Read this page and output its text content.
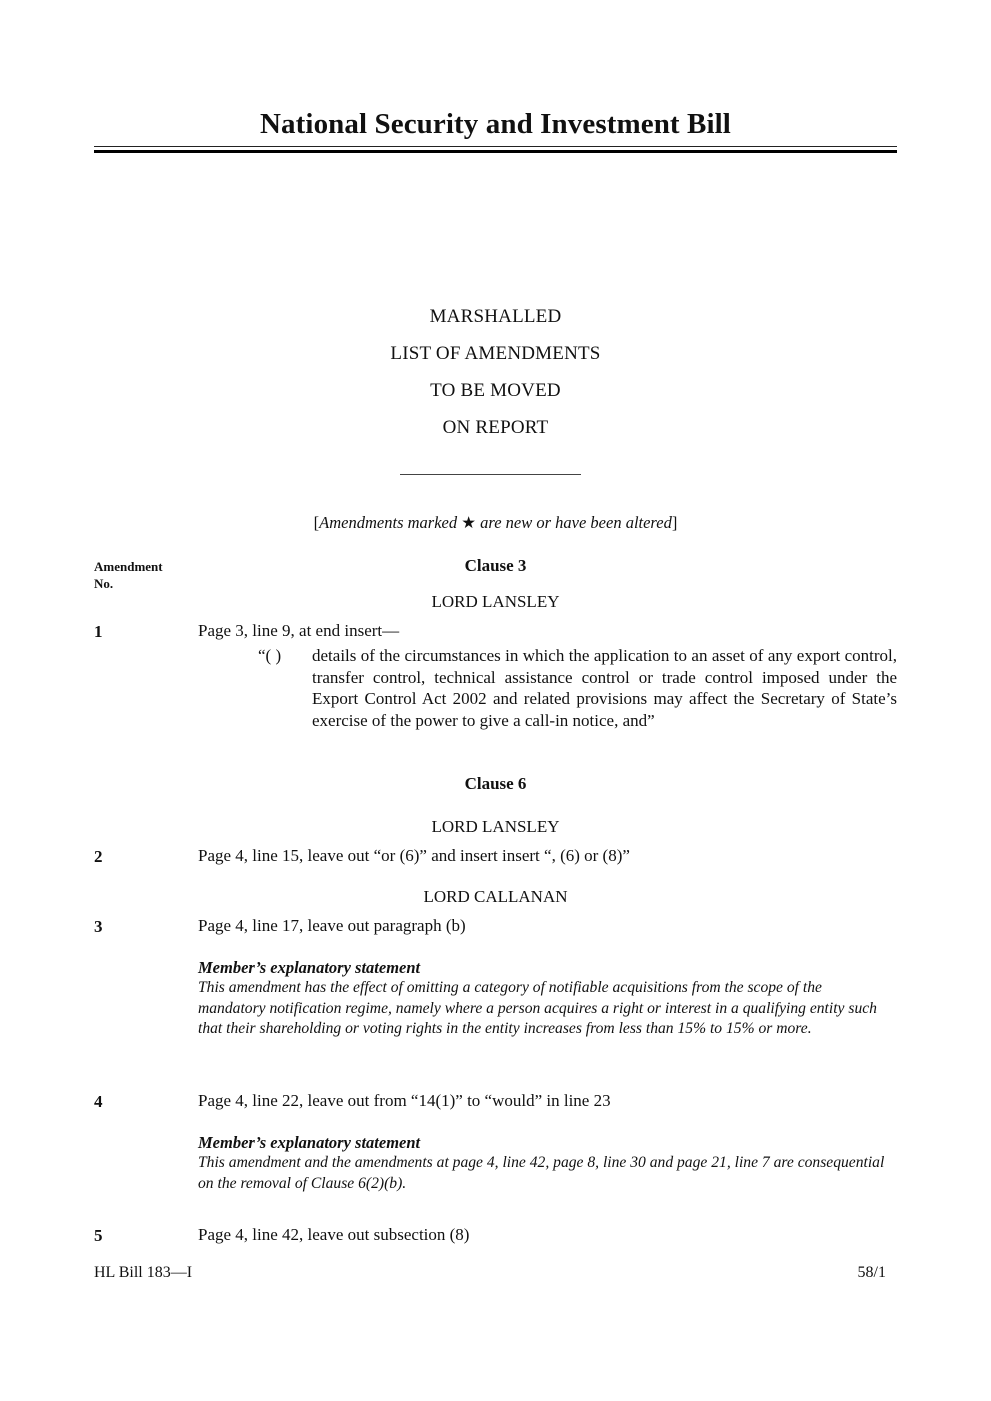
National Security and Investment Bill
MARSHALLED
LIST OF AMENDMENTS
TO BE MOVED
ON REPORT
[Amendments marked ★ are new or have been altered]
Amendment No.
Clause 3
LORD LANSLEY
1	Page 3, line 9, at end insert—
“( ) details of the circumstances in which the application to an asset of any export control, transfer control, technical assistance control or trade control imposed under the Export Control Act 2002 and related provisions may affect the Secretary of State’s exercise of the power to give a call-in notice, and”
Clause 6
LORD LANSLEY
2	Page 4, line 15, leave out “or (6)” and insert insert “, (6) or (8)”
LORD CALLANAN
3	Page 4, line 17, leave out paragraph (b)
Member’s explanatory statement
This amendment has the effect of omitting a category of notifiable acquisitions from the scope of the mandatory notification regime, namely where a person acquires a right or interest in a qualifying entity such that their shareholding or voting rights in the entity increases from less than 15% to 15% or more.
4	Page 4, line 22, leave out from “14(1)” to “would” in line 23
Member’s explanatory statement
This amendment and the amendments at page 4, line 42, page 8, line 30 and page 21, line 7 are consequential on the removal of Clause 6(2)(b).
5	Page 4, line 42, leave out subsection (8)
HL Bill 183—I	58/1
